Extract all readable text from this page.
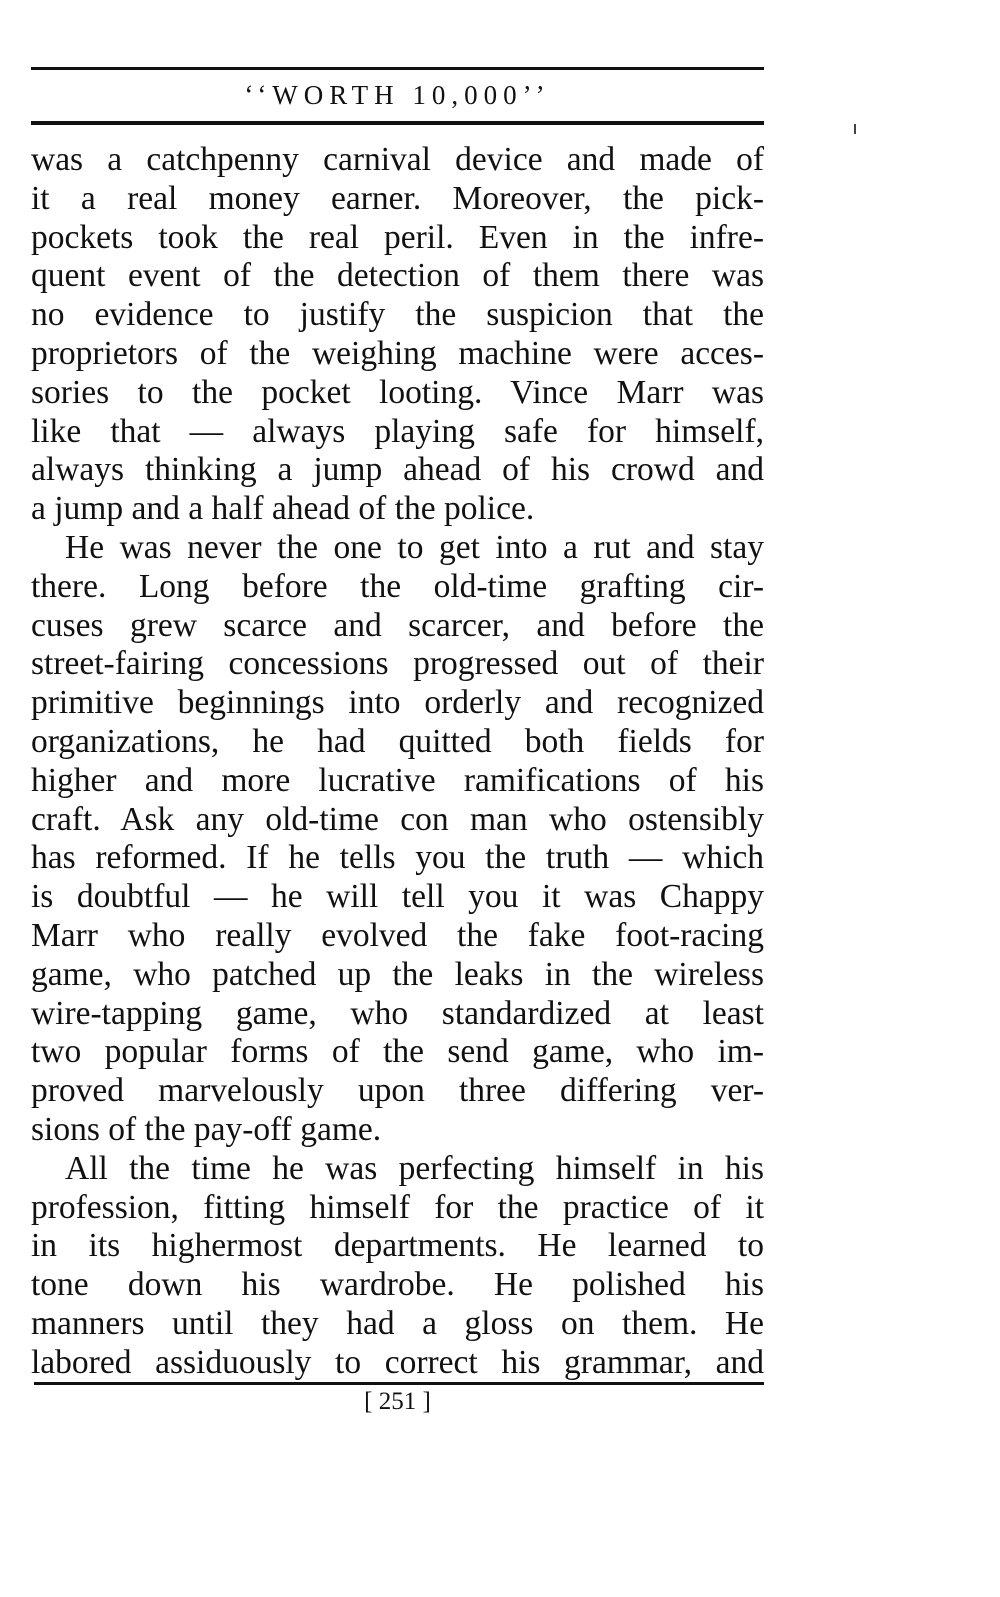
‘‘WORTH 10,000’’
was a catchpenny carnival device and made of
it a real money earner. Moreover, the pick-
pockets took the real peril. Even in the infre-
quent event of the detection of them there was
no evidence to justify the suspicion that the
proprietors of the weighing machine were acces-
sories to the pocket looting. Vince Marr was
like that — always playing safe for himself,
always thinking a jump ahead of his crowd and
a jump and a half ahead of the police.
He was never the one to get into a rut and stay
there. Long before the old-time grafting cir-
cuses grew scarce and scarcer, and before the
street-fairing concessions progressed out of their
primitive beginnings into orderly and recognized
organizations, he had quitted both fields for
higher and more lucrative ramifications of his
craft. Ask any old-time con man who ostensibly
has reformed. If he tells you the truth — which
is doubtful — he will tell you it was Chappy
Marr who really evolved the fake foot-racing
game, who patched up the leaks in the wireless
wire-tapping game, who standardized at least
two popular forms of the send game, who im-
proved marvelously upon three differing ver-
sions of the pay-off game.
All the time he was perfecting himself in his
profession, fitting himself for the practice of it
in its highermost departments. He learned to
tone down his wardrobe. He polished his
manners until they had a gloss on them. He
labored assiduously to correct his grammar, and
[ 251 ]
